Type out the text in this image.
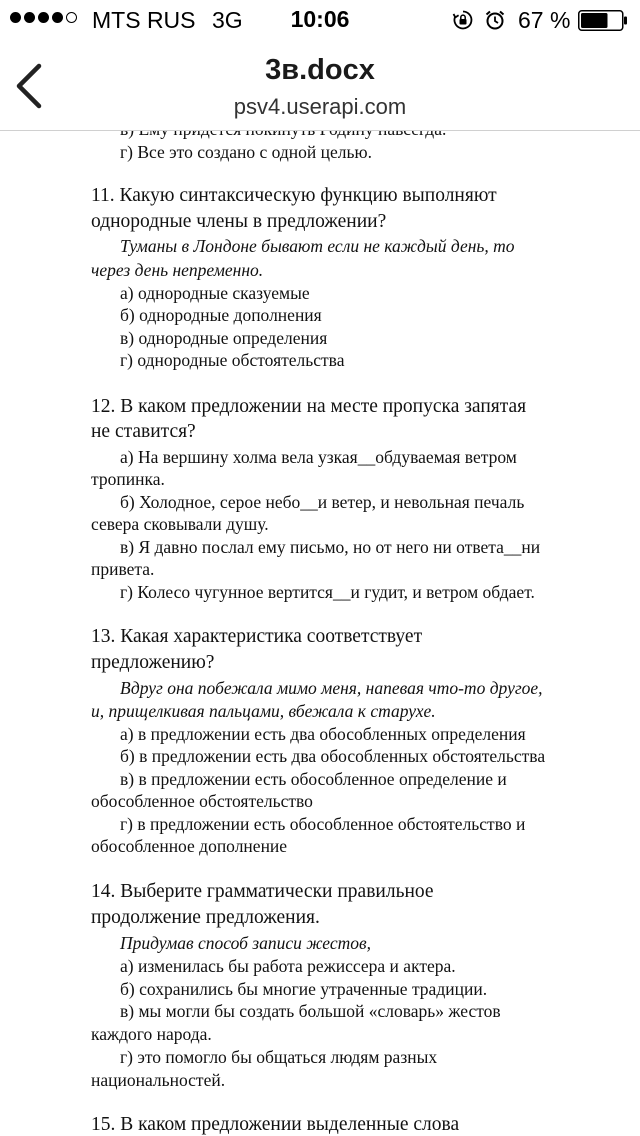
MTS RUS 3G	10:06	67 %
3в.docx
psv4.userapi.com
г) Все это создано с одной целью.
11. Какую синтаксическую функцию выполняют
однородные члены в предложении?
Туманы в Лондоне бывают если не каждый день, то
через день непременно.
а) однородные сказуемые
б) однородные дополнения
в) однородные определения
г) однородные обстоятельства
12. В каком предложении на месте пропуска запятая
не ставится?
а) На вершину холма вела узкая__обдуваемая ветром
тропинка.
б) Холодное, серое небо__и ветер, и невольная печаль
севера сковывали душу.
в) Я давно послал ему письмо, но от него ни ответа__ни
привета.
г) Колесо чугунное вертится__и гудит, и ветром обдает.
13. Какая характеристика соответствует
предложению?
Вдруг она побежала мимо меня, напевая что-то другое,
и, прищелкивая пальцами, вбежала к старухе.
а) в предложении есть два обособленных определения
б) в предложении есть два обособленных обстоятельства
в) в предложении есть обособленное определение и
обособленное обстоятельство
г) в предложении есть обособленное обстоятельство и
обособленное дополнение
14. Выберите грамматически правильное
продолжение предложения.
Придумав способ записи жестов,
а) изменилась бы работа режиссера и актера.
б) сохранились бы многие утраченные традиции.
в) мы могли бы создать большой «словарь» жестов
каждого народа.
г) это помогло бы общаться людям разных
национальностей.
15. В каком предложении выделенные слова
